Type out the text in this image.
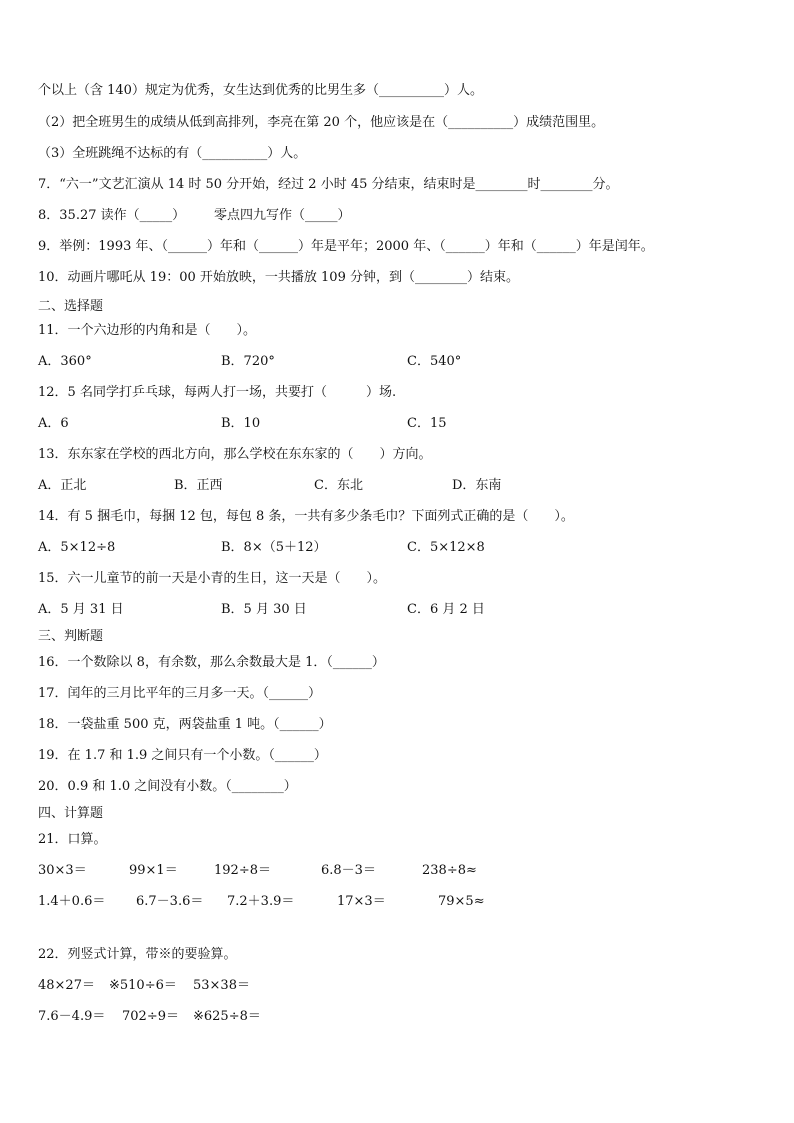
个以上（含 140）规定为优秀，女生达到优秀的比男生多（__________）人。
（2）把全班男生的成绩从低到高排列，李亮在第 20 个，他应该是在（__________）成绩范围里。
（3）全班跳绳不达标的有（__________）人。
7．“六一”文艺汇演从 14 时 50 分开始，经过 2 小时 45 分结束，结束时是________时________分。
8．35.27 读作（_____） 零点四九写作（_____）
9．举例：1993 年、（______）年和（______）年是平年；2000 年、（______）年和（______）年是闰年。
10．动画片哪吒从 19：00 开始放映，一共播放 109 分钟，到（________）结束。
二、选择题
11．一个六边形的内角和是（　　）。
A．360°	B．720°	C．540°
12．5 名同学打乒乓球，每两人打一场，共要打（　　　）场.
A．6	B．10	C．15
13．东东家在学校的西北方向，那么学校在东东家的（　　）方向。
A．正北	B．正西	C．东北	D．东南
14．有 5 捆毛巾，每捆 12 包，每包 8 条，一共有多少条毛巾？下面列式正确的是（　　）。
A．5×12÷8	B．8×（5＋12）	C．5×12×8
15．六一儿童节的前一天是小青的生日，这一天是（　　）。
A．5 月 31 日	B．5 月 30 日	C．6 月 2 日
三、判断题
16．一个数除以 8，有余数，那么余数最大是 1．（______）
17．闰年的三月比平年的三月多一天。（______）
18．一袋盐重 500 克，两袋盐重 1 吨。（______）
19．在 1.7 和 1.9 之间只有一个小数。（______）
20．0.9 和 1.0 之间没有小数。（________）
四、计算题
21．口算。
30×3＝	99×1＝	192÷8＝	6.8－3＝	238÷8≈
1.4＋0.6＝ 6.7－3.6＝ 7.2＋3.9＝	17×3＝	79×5≈
22．列竖式计算，带※的要验算。
48×27＝ ※510÷6＝ 53×38＝
7.6－4.9＝ 702÷9＝ ※625÷8＝
